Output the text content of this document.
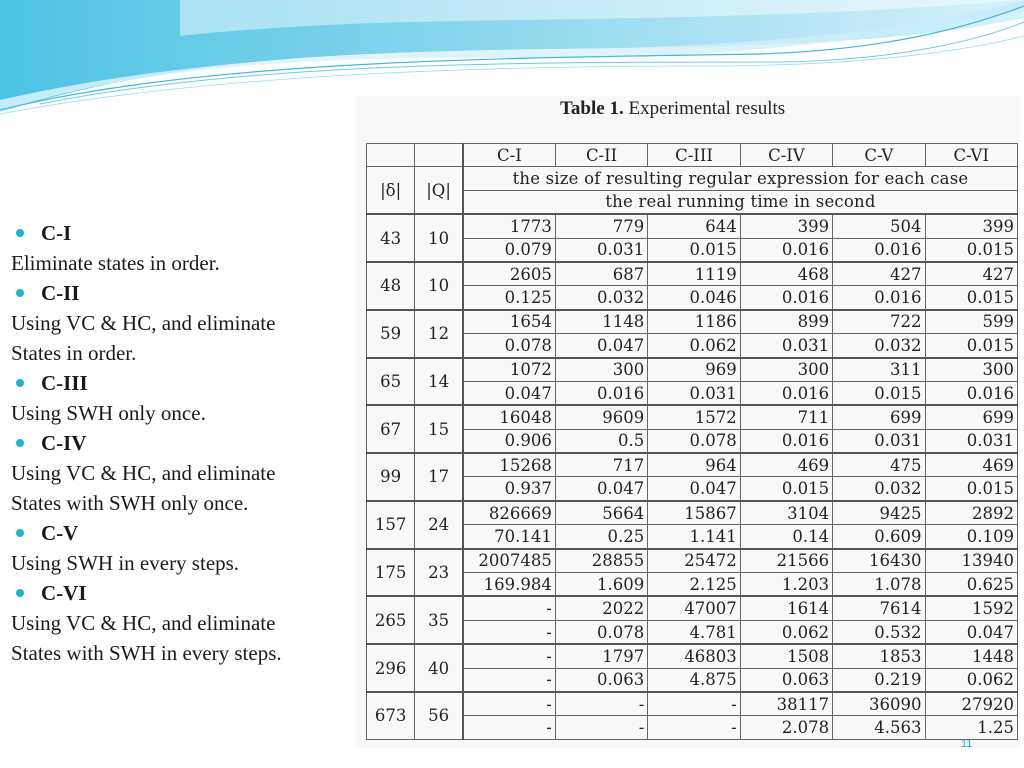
C-I

Eliminate states in order.

C-II

Using VC & HC, and eliminate

States in order.

C-III

Using SWH only once.

C-IV

Using VC & HC, and eliminate

States with SWH only once.

C-V

Using SWH in every steps.

C-VI

Using VC & HC, and eliminate

States with SWH in every steps.

Table 1. Experimental results
		C-I	C-II	C-III	C-IV	C-V	C-VI
|δ|	|Q|	the size of resulting regular expression for each case					
		the real running time in second					
43	10	1773	779	644	399	504	399
		0.079	0.031	0.015	0.016	0.016	0.015
48	10	2605	687	1119	468	427	427
		0.125	0.032	0.046	0.016	0.016	0.015
59	12	1654	1148	1186	899	722	599
		0.078	0.047	0.062	0.031	0.032	0.015
65	14	1072	300	969	300	311	300
		0.047	0.016	0.031	0.016	0.015	0.016
67	15	16048	9609	1572	711	699	699
		0.906	0.5	0.078	0.016	0.031	0.031
99	17	15268	717	964	469	475	469
		0.937	0.047	0.047	0.015	0.032	0.015
157	24	826669	5664	15867	3104	9425	2892
		70.141	0.25	1.141	0.14	0.609	0.109
175	23	2007485	28855	25472	21566	16430	13940
		169.984	1.609	2.125	1.203	1.078	0.625
265	35	-	2022	47007	1614	7614	1592
		-	0.078	4.781	0.062	0.532	0.047
296	40	-	1797	46803	1508	1853	1448
		-	0.063	4.875	0.063	0.219	0.062
673	56	-	-	-	38117	36090	27920
		-	-	-	2.078	4.563	1.25
11
